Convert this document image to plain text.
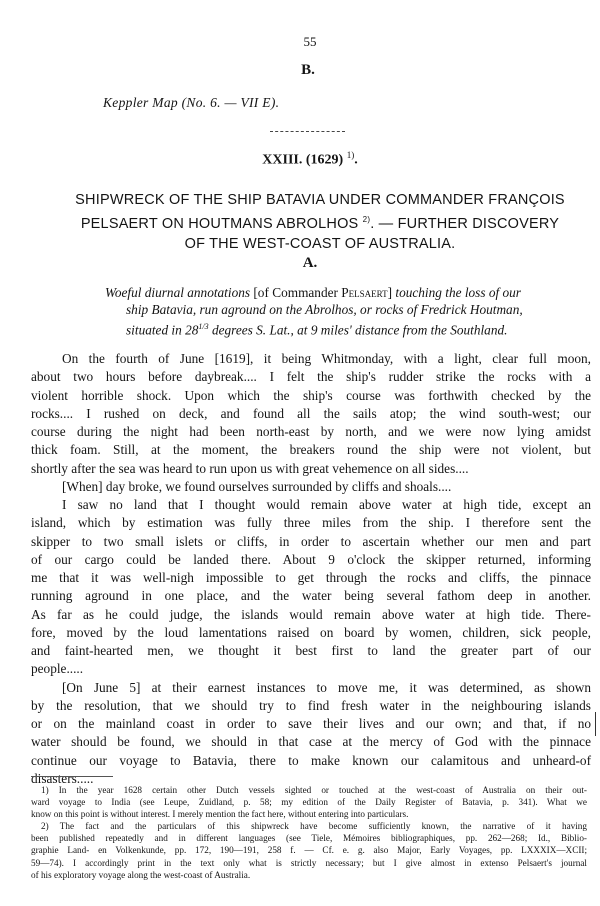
55
B.
Keppler Map (No. 6. — VII E).
XXIII. (1629) $^{1)}$.
SHIPWRECK OF THE SHIP BATAVIA UNDER COMMANDER FRANÇOIS
PELSAERT ON HOUTMANS ABROLHOS $^{2)}$. — FURTHER DISCOVERY
OF THE WEST-COAST OF AUSTRALIA.
A.
Woeful diurnal annotations [of Commander Pelsaert] touching the loss of our
ship Batavia, run aground on the Abrolhos, or rocks of Fredrick Houtman,
situated in $28^{1/3}$ degrees S. Lat., at 9 miles' distance from the Southland.
On the fourth of June [1619], it being Whitmonday, with a light, clear full moon,
about two hours before daybreak.... I felt the ship's rudder strike the rocks with a
violent horrible shock. Upon which the ship's course was forthwith checked by the
rocks.... I rushed on deck, and found all the sails atop; the wind south-west; our
course during the night had been north-east by north, and we were now lying amidst
thick foam. Still, at the moment, the breakers round the ship were not violent, but
shortly after the sea was heard to run upon us with great vehemence on all sides....
[When] day broke, we found ourselves surrounded by cliffs and shoals....
I saw no land that I thought would remain above water at high tide, except an
island, which by estimation was fully three miles from the ship. I therefore sent the
skipper to two small islets or cliffs, in order to ascertain whether our men and part
of our cargo could be landed there. About 9 o'clock the skipper returned, informing
me that it was well-nigh impossible to get through the rocks and cliffs, the pinnace
running aground in one place, and the water being several fathom deep in another.
As far as he could judge, the islands would remain above water at high tide. There-
fore, moved by the loud lamentations raised on board by women, children, sick people,
and faint-hearted men, we thought it best first to land the greater part of our
people.....
[On June 5] at their earnest instances to move me, it was determined, as shown
by the resolution, that we should try to find fresh water in the neighbouring islands
or on the mainland coast in order to save their lives and our own; and that, if no
water should be found, we should in that case at the mercy of God with the pinnace
continue our voyage to Batavia, there to make known our calamitous and unheard-of
disasters.....
1) In the year 1628 certain other Dutch vessels sighted or touched at the west-coast of Australia on their out-
ward voyage to India (see Leupe, Zuidland, p. 58; my edition of the Daily Register of Batavia, p. 341). What we
know on this point is without interest. I merely mention the fact here, without entering into particulars.
2) The fact and the particulars of this shipwreck have become sufficiently known, the narrative of it having
been published repeatedly and in different languages (see Tiele, Mémoires bibliographiques, pp. 262—268; Id., Biblio-
graphie Land- en Volkenkunde, pp. 172, 190—191, 258 f. — Cf. e. g. also Major, Early Voyages, pp. LXXXIX—XCII;
59—74). I accordingly print in the text only what is strictly necessary; but I give almost in extenso Pelsaert's journal
of his exploratory voyage along the west-coast of Australia.
